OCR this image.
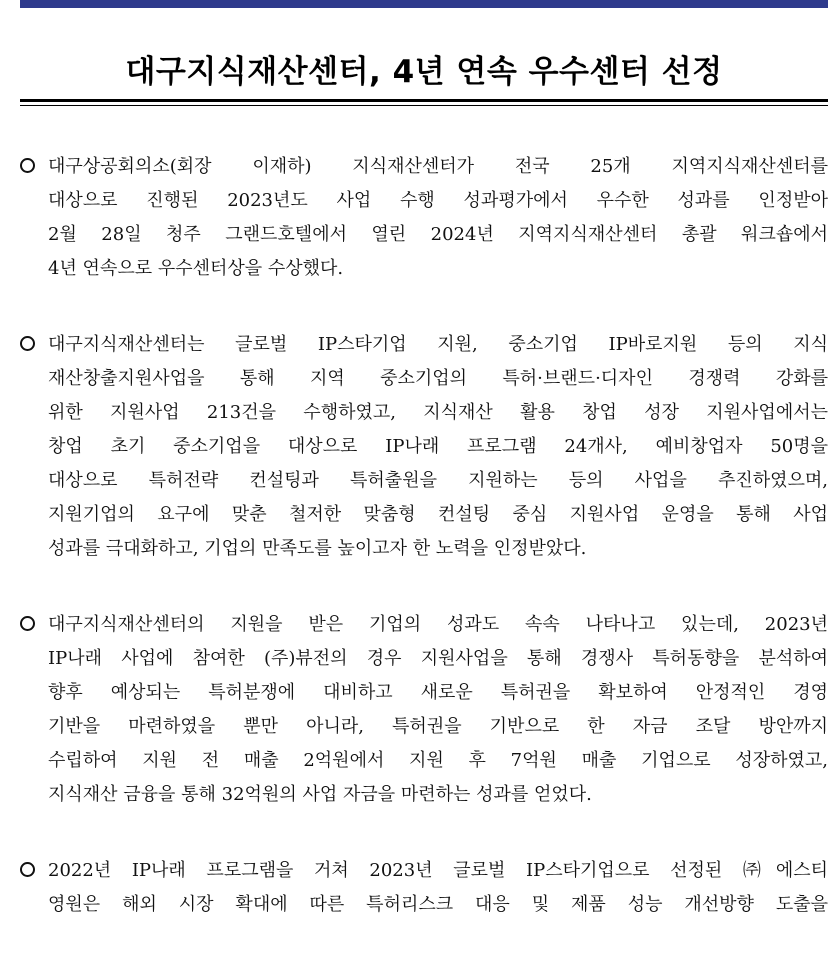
대구지식재산센터, 4년 연속 우수센터 선정
대구상공회의소(회장 이재하) 지식재산센터가 전국 25개 지역지식재산센터를
대상으로 진행된 2023년도 사업 수행 성과평가에서 우수한 성과를 인정받아
2월 28일 청주 그랜드호텔에서 열린 2024년 지역지식재산센터 총괄 워크숍에서
4년 연속으로 우수센터상을 수상했다.
대구지식재산센터는 글로벌 IP스타기업 지원, 중소기업 IP바로지원 등의 지식
재산창출지원사업을 통해 지역 중소기업의 특허·브랜드·디자인 경쟁력 강화를
위한 지원사업 213건을 수행하였고, 지식재산 활용 창업 성장 지원사업에서는
창업 초기 중소기업을 대상으로 IP나래 프로그램 24개사, 예비창업자 50명을
대상으로 특허전략 컨설팅과 특허출원을 지원하는 등의 사업을 추진하였으며,
지원기업의 요구에 맞춘 철저한 맞춤형 컨설팅 중심 지원사업 운영을 통해 사업
성과를 극대화하고, 기업의 만족도를 높이고자 한 노력을 인정받았다.
대구지식재산센터의 지원을 받은 기업의 성과도 속속 나타나고 있는데, 2023년
IP나래 사업에 참여한 (주)뷰전의 경우 지원사업을 통해 경쟁사 특허동향을 분석하여
향후 예상되는 특허분쟁에 대비하고 새로운 특허권을 확보하여 안정적인 경영
기반을 마련하였을 뿐만 아니라, 특허권을 기반으로 한 자금 조달 방안까지
수립하여 지원 전 매출 2억원에서 지원 후 7억원 매출 기업으로 성장하였고,
지식재산 금융을 통해 32억원의 사업 자금을 마련하는 성과를 얻었다.
2022년 IP나래 프로그램을 거쳐 2023년 글로벌 IP스타기업으로 선정된 ㈜에스티
영원은 해외 시장 확대에 따른 특허리스크 대응 및 제품 성능 개선방향 도출을
